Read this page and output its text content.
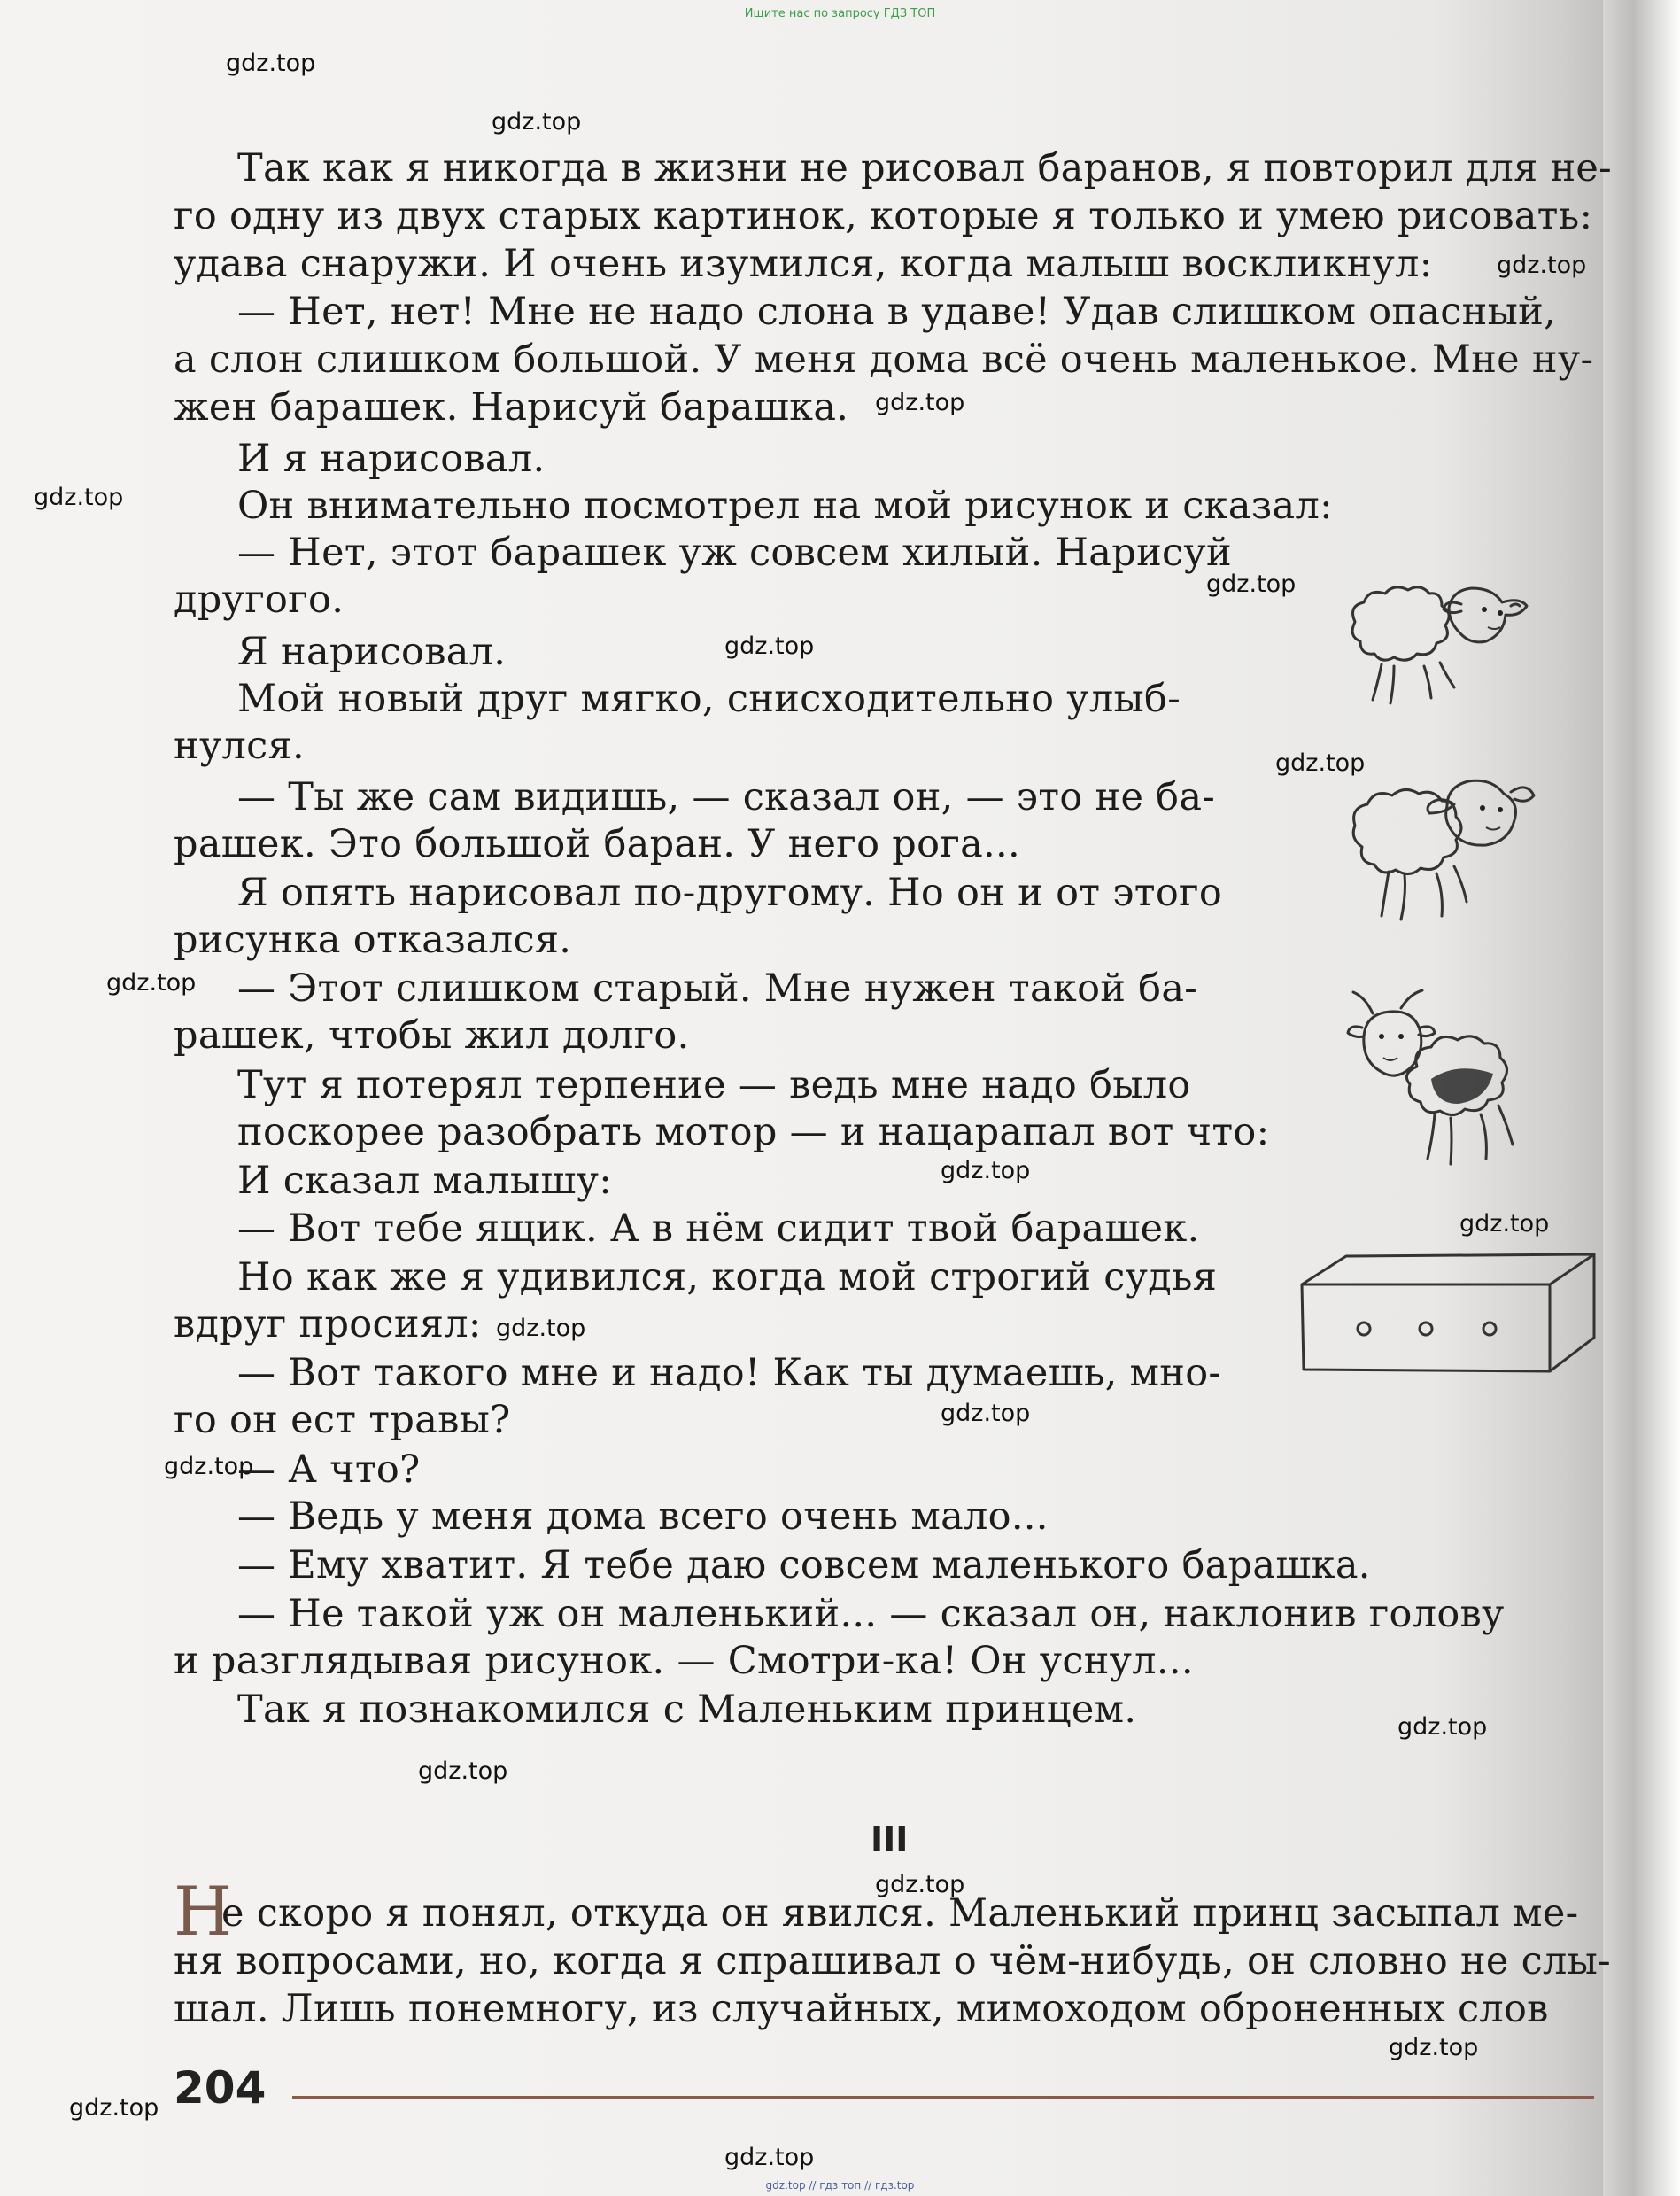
Ищите нас по запросу ГДЗ ТОП
gdz.top
gdz.top
gdz.top
gdz.top
gdz.top
gdz.top
gdz.top
gdz.top
gdz.top
gdz.top
gdz.top
gdz.top
gdz.top
gdz.top
gdz.top
gdz.top
gdz.top
gdz.top
gdz.top
gdz.top
Так как я никогда в жизни не рисовал баранов, я повторил для не-
го одну из двух старых картинок, которые я только и умею рисовать:
удава снаружи. И очень изумился, когда малыш воскликнул:
— Нет, нет! Мне не надо слона в удаве! Удав слишком опасный,
а слон слишком большой. У меня дома всё очень маленькое. Мне ну-
жен барашек. Нарисуй барашка.
И я нарисовал.
Он внимательно посмотрел на мой рисунок и сказал:
— Нет, этот барашек уж совсем хилый. Нарисуй
другого.
Я нарисовал.
Мой новый друг мягко, снисходительно улыб-
нулся.
— Ты же сам видишь, — сказал он, — это не ба-
рашек. Это большой баран. У него рога...
Я опять нарисовал по-другому. Но он и от этого
рисунка отказался.
— Этот слишком старый. Мне нужен такой ба-
рашек, чтобы жил долго.
Тут я потерял терпение — ведь мне надо было
поскорее разобрать мотор — и нацарапал вот что:
И сказал малышу:
— Вот тебе ящик. А в нём сидит твой барашек.
Но как же я удивился, когда мой строгий судья
вдруг просиял:
— Вот такого мне и надо! Как ты думаешь, мно-
го он ест травы?
— А что?
— Ведь у меня дома всего очень мало...
— Ему хватит. Я тебе даю совсем маленького барашка.
— Не такой уж он маленький... — сказал он, наклонив голову
и разглядывая рисунок. — Смотри-ка! Он уснул...
Так я познакомился с Маленьким принцем.
III
Н
е скоро я понял, откуда он явился. Маленький принц засыпал ме-
ня вопросами, но, когда я спрашивал о чём-нибудь, он словно не слы-
шал. Лишь понемногу, из случайных, мимоходом оброненных слов
204
gdz.top // гдз топ // гдз.top
